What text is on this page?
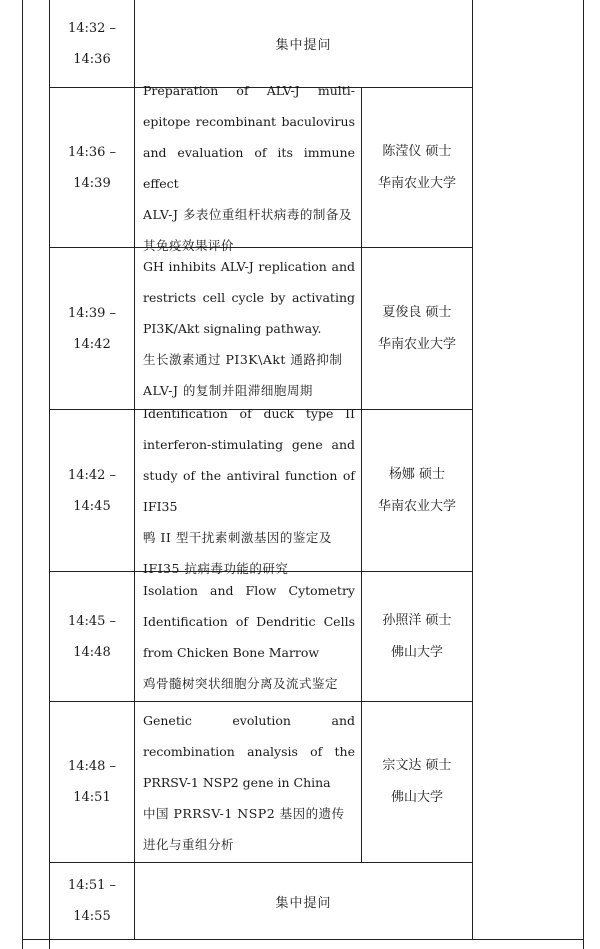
14:32 –
14:36
集中提问
14:36 –
14:39
Preparation of ALV-J multi-epitope recombinant baculovirus and evaluation of its immune effect
ALV-J 多表位重组杆状病毒的制备及其免疫效果评价
陈滢仪 硕士
华南农业大学
14:39 –
14:42
GH inhibits ALV-J replication and restricts cell cycle by activating PI3K/Akt signaling pathway.
生长激素通过 PI3K\Akt 通路抑制 ALV-J 的复制并阻滞细胞周期
夏俊良 硕士
华南农业大学
14:42 –
14:45
Identification of duck type II interferon-stimulating gene and study of the antiviral function of IFI35
鸭 II 型干扰素刺激基因的鉴定及 IFI35 抗病毒功能的研究
杨娜 硕士
华南农业大学
14:45 –
14:48
Isolation and Flow Cytometry Identification of Dendritic Cells from Chicken Bone Marrow
鸡骨髓树突状细胞分离及流式鉴定
孙照洋 硕士
佛山大学
14:48 –
14:51
Genetic evolution and recombination analysis of the PRRSV-1 NSP2 gene in China
中国 PRRSV-1 NSP2 基因的遗传进化与重组分析
宗文达 硕士
佛山大学
14:51 –
14:55
集中提问
